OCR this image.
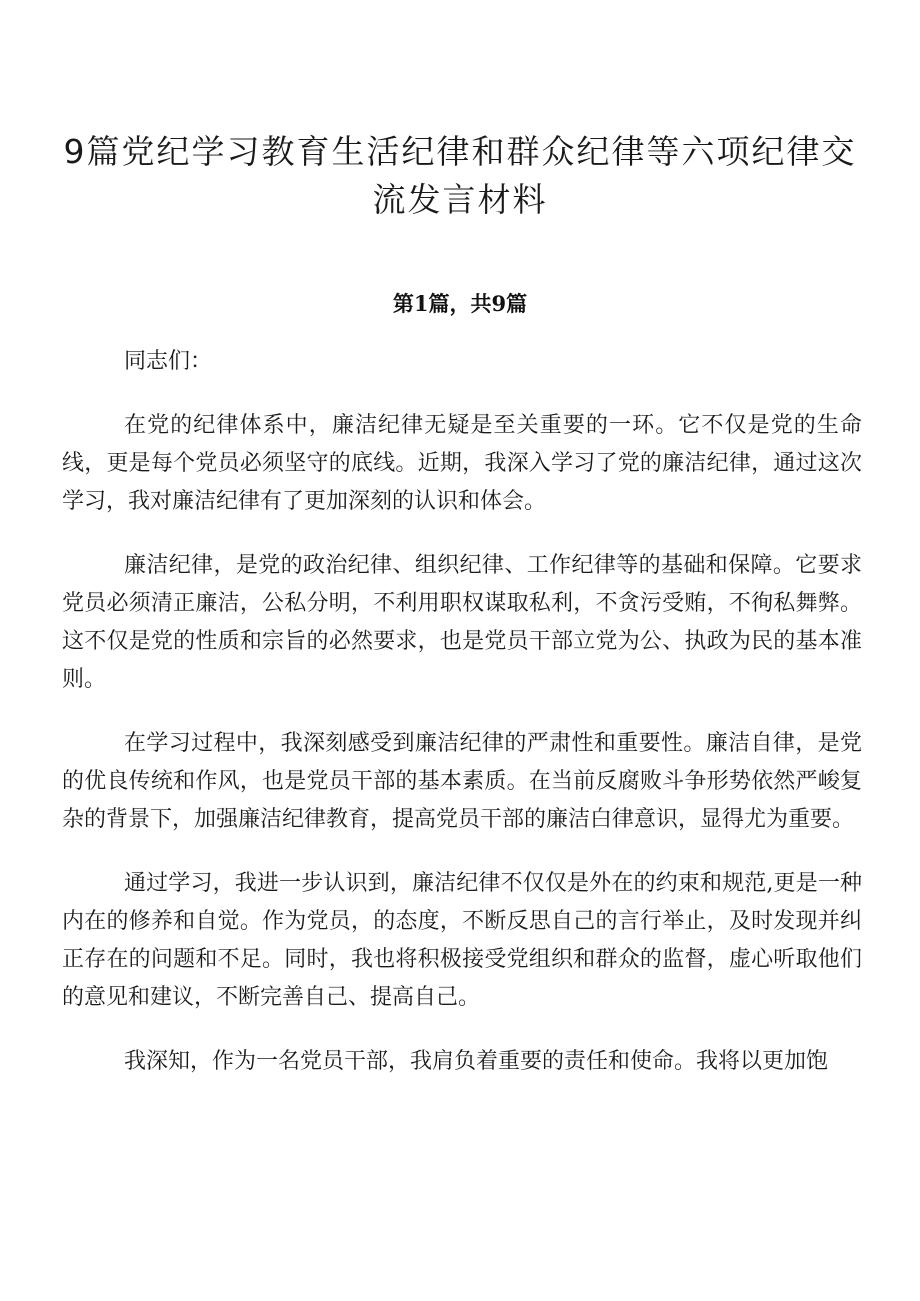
9篇党纪学习教育生活纪律和群众纪律等六项纪律交
流发言材料
第1篇，共9篇

同志们：

在党的纪律体系中，廉洁纪律无疑是至关重要的一环。它不仅是党的生命线，更是每个党员必须坚守的底线。近期，我深入学习了党的廉洁纪律，通过这次学习，我对廉洁纪律有了更加深刻的认识和体会。

廉洁纪律，是党的政治纪律、组织纪律、工作纪律等的基础和保障。它要求党员必须清正廉洁，公私分明，不利用职权谋取私利，不贪污受贿，不徇私舞弊。这不仅是党的性质和宗旨的必然要求，也是党员干部立党为公、执政为民的基本准则。

在学习过程中，我深刻感受到廉洁纪律的严肃性和重要性。廉洁自律，是党的优良传统和作风，也是党员干部的基本素质。在当前反腐败斗争形势依然严峻复杂的背景下，加强廉洁纪律教育，提高党员干部的廉洁白律意识，显得尤为重要。

通过学习，我进一步认识到，廉洁纪律不仅仅是外在的约束和规范,更是一种内在的修养和自觉。作为党员，的态度，不断反思自己的言行举止，及时发现并纠正存在的问题和不足。同时，我也将积极接受党组织和群众的监督，虚心听取他们的意见和建议，不断完善自己、提高自己。

我深知，作为一名党员干部，我肩负着重要的责任和使命。我将以更加饱
